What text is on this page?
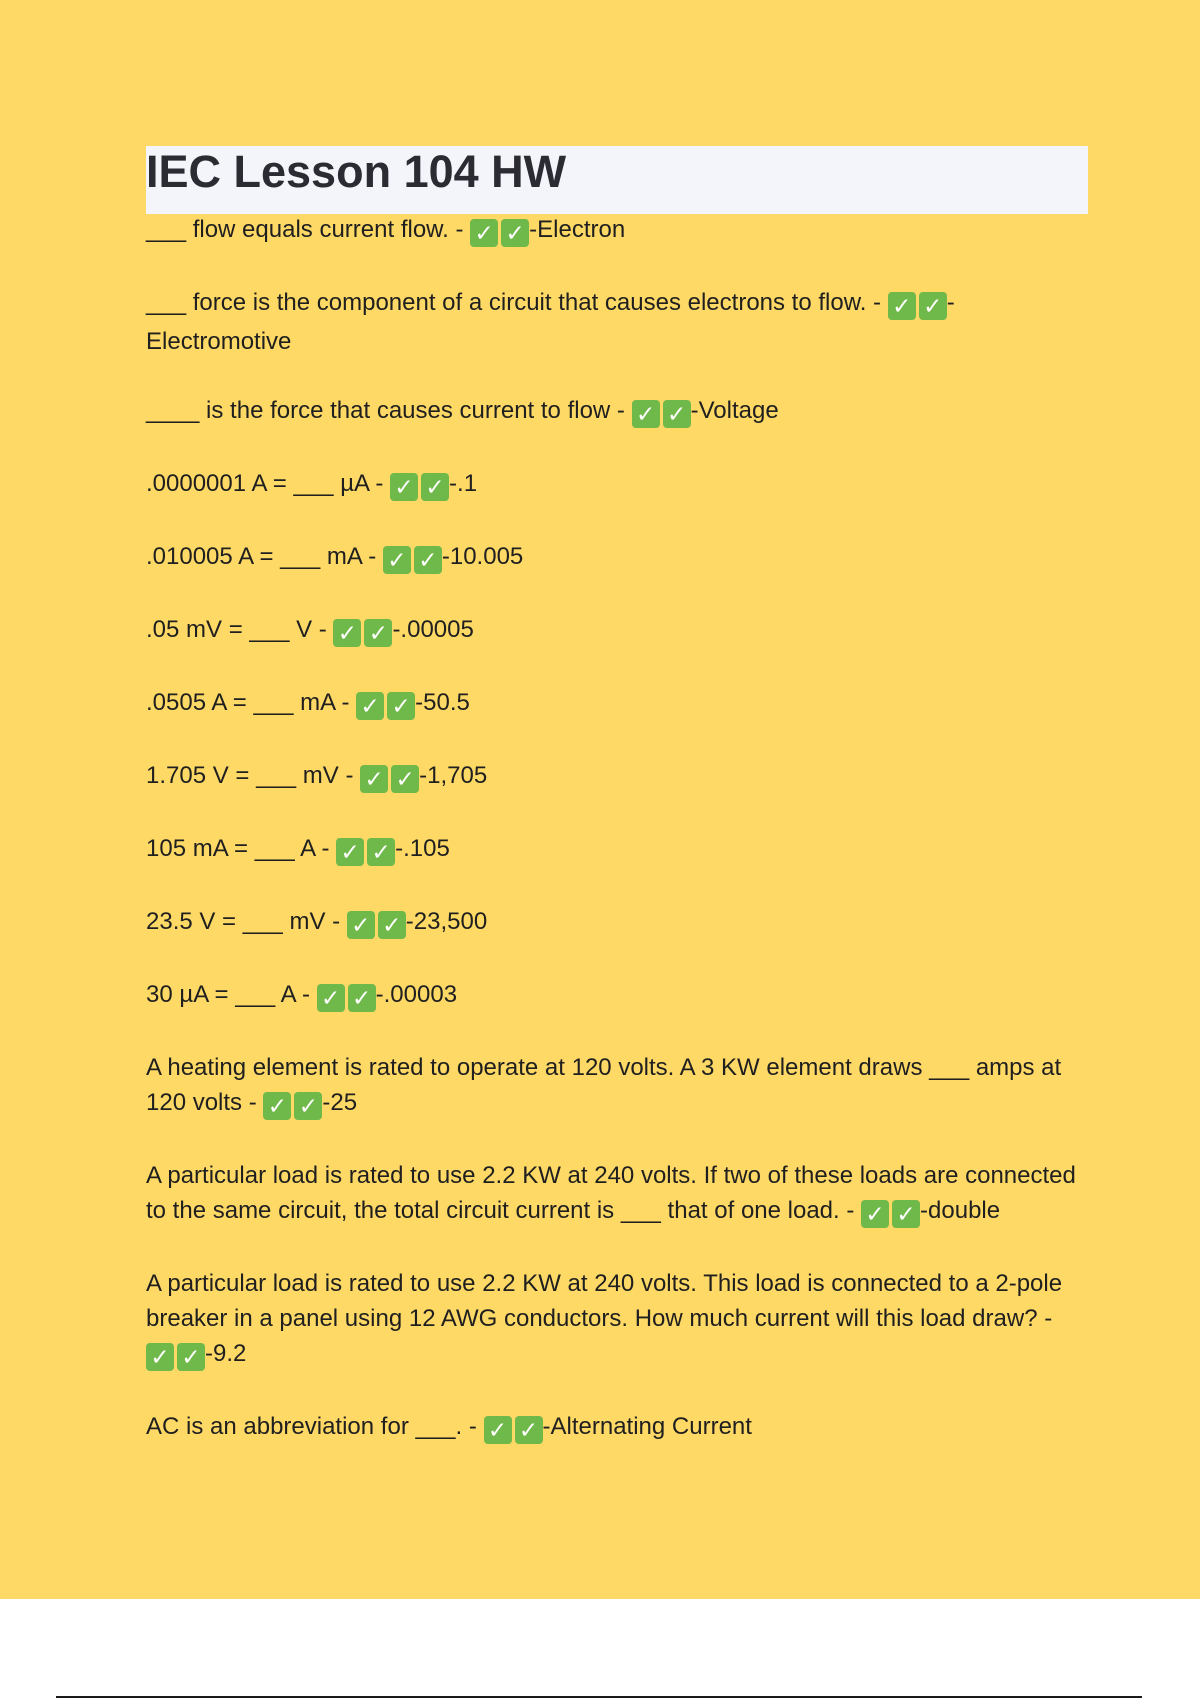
IEC Lesson 104 HW
___ flow equals current flow. - ✓ ✓ -Electron
___ force is the component of a circuit that causes electrons to flow. - ✓ ✓ -Electromotive
____ is the force that causes current to flow - ✓ ✓ -Voltage
.0000001 A = ___ µA - ✓ ✓ -.1
.010005 A = ___ mA - ✓ ✓ -10.005
.05 mV = ___ V - ✓ ✓ -.00005
.0505 A = ___ mA - ✓ ✓ -50.5
1.705 V = ___ mV - ✓ ✓ -1,705
105 mA = ___ A - ✓ ✓ -.105
23.5 V = ___ mV - ✓ ✓ -23,500
30 µA = ___ A - ✓ ✓ -.00003
A heating element is rated to operate at 120 volts. A 3 KW element draws ___ amps at 120 volts - ✓ ✓ -25
A particular load is rated to use 2.2 KW at 240 volts. If two of these loads are connected to the same circuit, the total circuit current is ___ that of one load. - ✓ ✓ -double
A particular load is rated to use 2.2 KW at 240 volts. This load is connected to a 2-pole breaker in a panel using 12 AWG conductors. How much current will this load draw? - ✓ ✓ -9.2
AC is an abbreviation for ___. - ✓ ✓ -Alternating Current
